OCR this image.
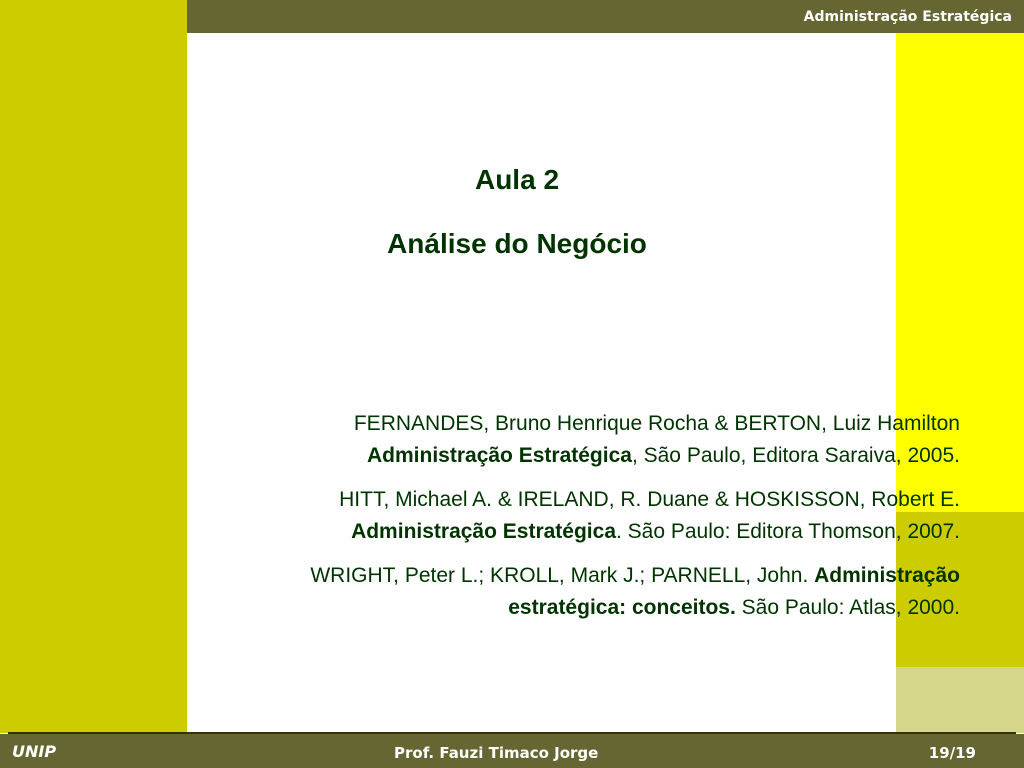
Administração Estratégica
Aula 2
Análise do Negócio

FERNANDES, Bruno Henrique Rocha & BERTON, Luiz Hamilton
Administração Estratégica, São Paulo, Editora Saraiva, 2005.

HITT, Michael A. & IRELAND, R. Duane & HOSKISSON, Robert E.
Administração Estratégica. São Paulo: Editora Thomson, 2007.

WRIGHT, Peter L.; KROLL, Mark J.; PARNELL, John. Administração
estratégica: conceitos. São Paulo: Atlas, 2000.

UNIP	Prof. Fauzi Timaco Jorge	19/19
